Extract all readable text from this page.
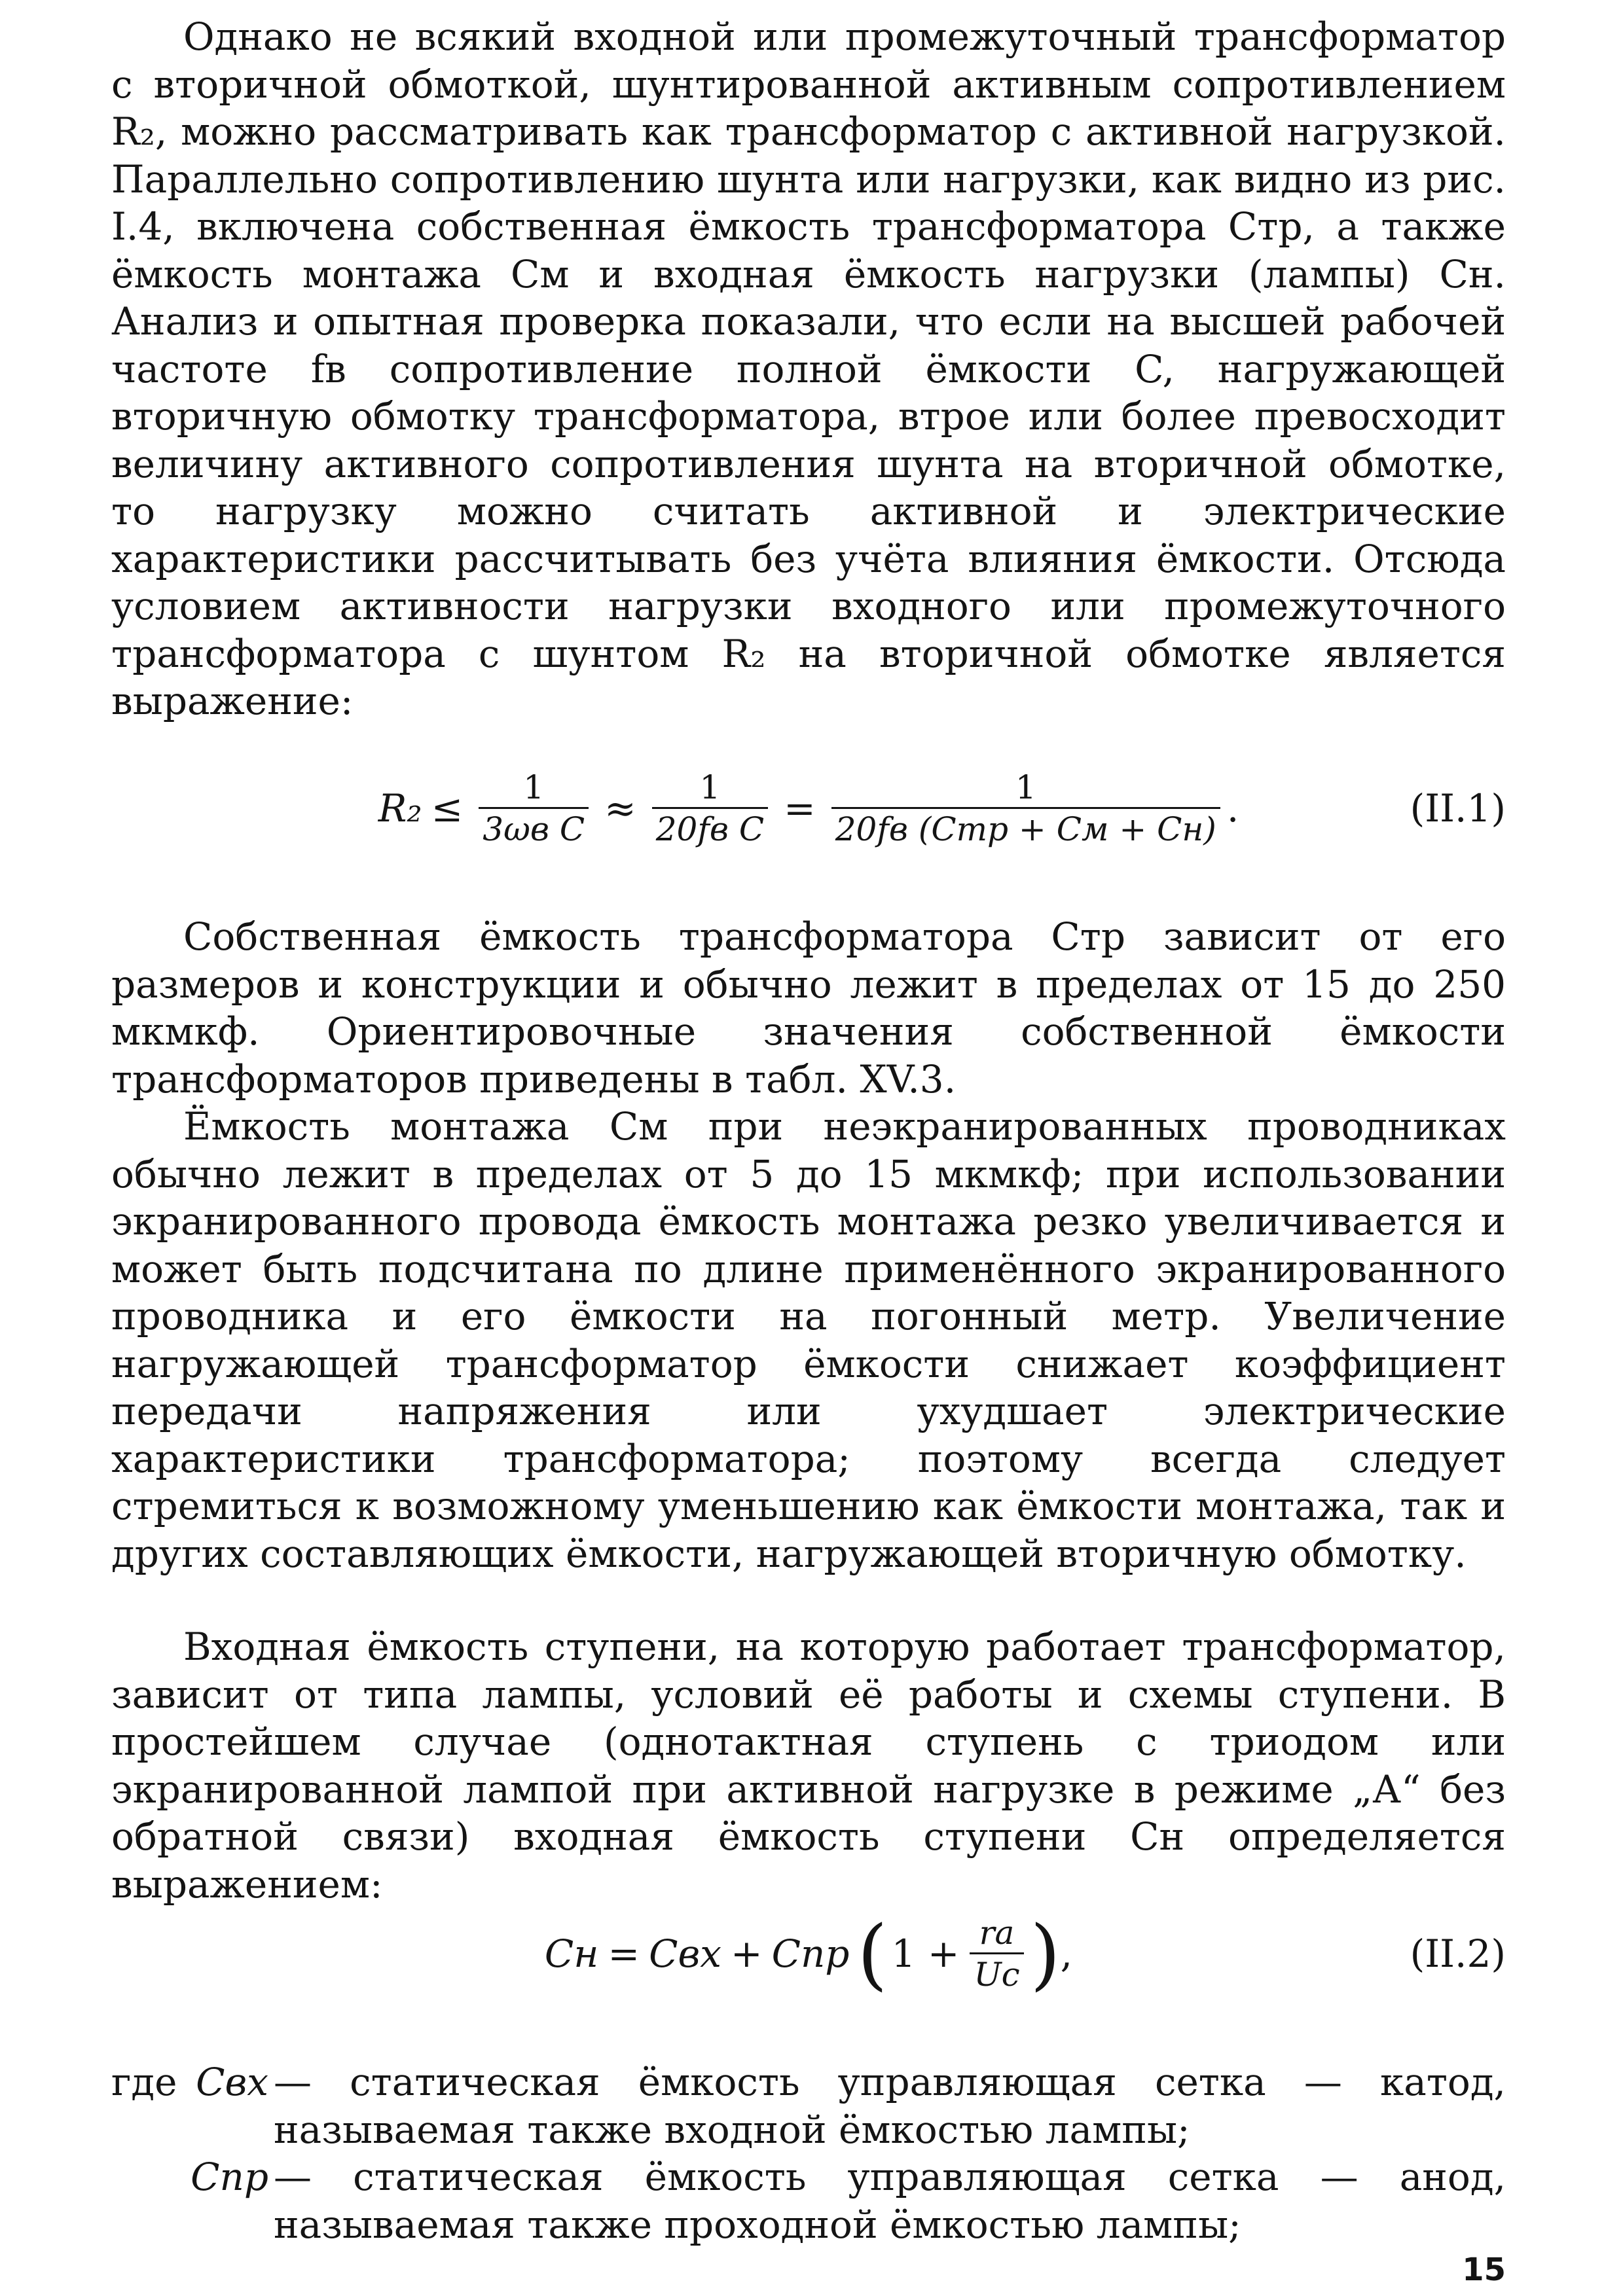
Однако не всякий входной или промежуточный трансформатор с вторичной обмоткой, шунтированной активным сопротивлением R₂, можно рассматривать как трансформатор с активной нагрузкой. Параллельно сопротивлению шунта или нагрузки, как видно из рис. I.4, включена собственная ёмкость трансформатора Cтр, а также ёмкость монтажа Cм и входная ёмкость нагрузки (лампы) Cн. Анализ и опытная проверка показали, что если на высшей рабочей частоте fв сопротивление полной ёмкости C, нагружающей вторичную обмотку трансформатора, втрое или более превосходит величину активного сопротивления шунта на вторичной обмотке, то нагрузку можно считать активной и электрические характеристики рассчитывать без учёта влияния ёмкости. Отсюда условием активности нагрузки входного или промежуточного трансформатора с шунтом R₂ на вторичной обмотке является выражение:

$R_2 \le \frac{1}{\text{3ωв C}} \approx \frac{1}{\text{20fв C}} = \frac{1}{\text{20fв (Cтр + Cм + Cн)}}$ .	(II.1)

Собственная ёмкость трансформатора Cтр зависит от его размеров и конструкции и обычно лежит в пределах от 15 до 250 мкмкф. Ориентировочные значения собственной ёмкости трансформаторов приведены в табл. XV.3.

Ёмкость монтажа Cм при неэкранированных проводниках обычно лежит в пределах от 5 до 15 мкмкф; при использовании экранированного провода ёмкость монтажа резко увеличивается и может быть подсчитана по длине применённого экранированного проводника и его ёмкости на погонный метр. Увеличение нагружающей трансформатор ёмкости снижает коэффициент передачи напряжения или ухудшает электрические характеристики трансформатора; поэтому всегда следует стремиться к возможному уменьшению как ёмкости монтажа, так и других составляющих ёмкости, нагружающей вторичную обмотку.

Входная ёмкость ступени, на которую работает трансформатор, зависит от типа лампы, условий её работы и схемы ступени. В простейшем случае (однотактная ступень с триодом или экранированной лампой при активной нагрузке в режиме „А“ без обратной связи) входная ёмкость ступени Cн определяется выражением:

Cн = Cвх + Cпр ( $1 + \frac{rа}{Uс}$ ) ,	(II.2)
где Cвх — статическая ёмкость управляющая сетка — катод, называемая также входной ёмкостью лампы;
Cпр — статическая ёмкость управляющая сетка — анод, называемая также проходной ёмкостью лампы;
15
